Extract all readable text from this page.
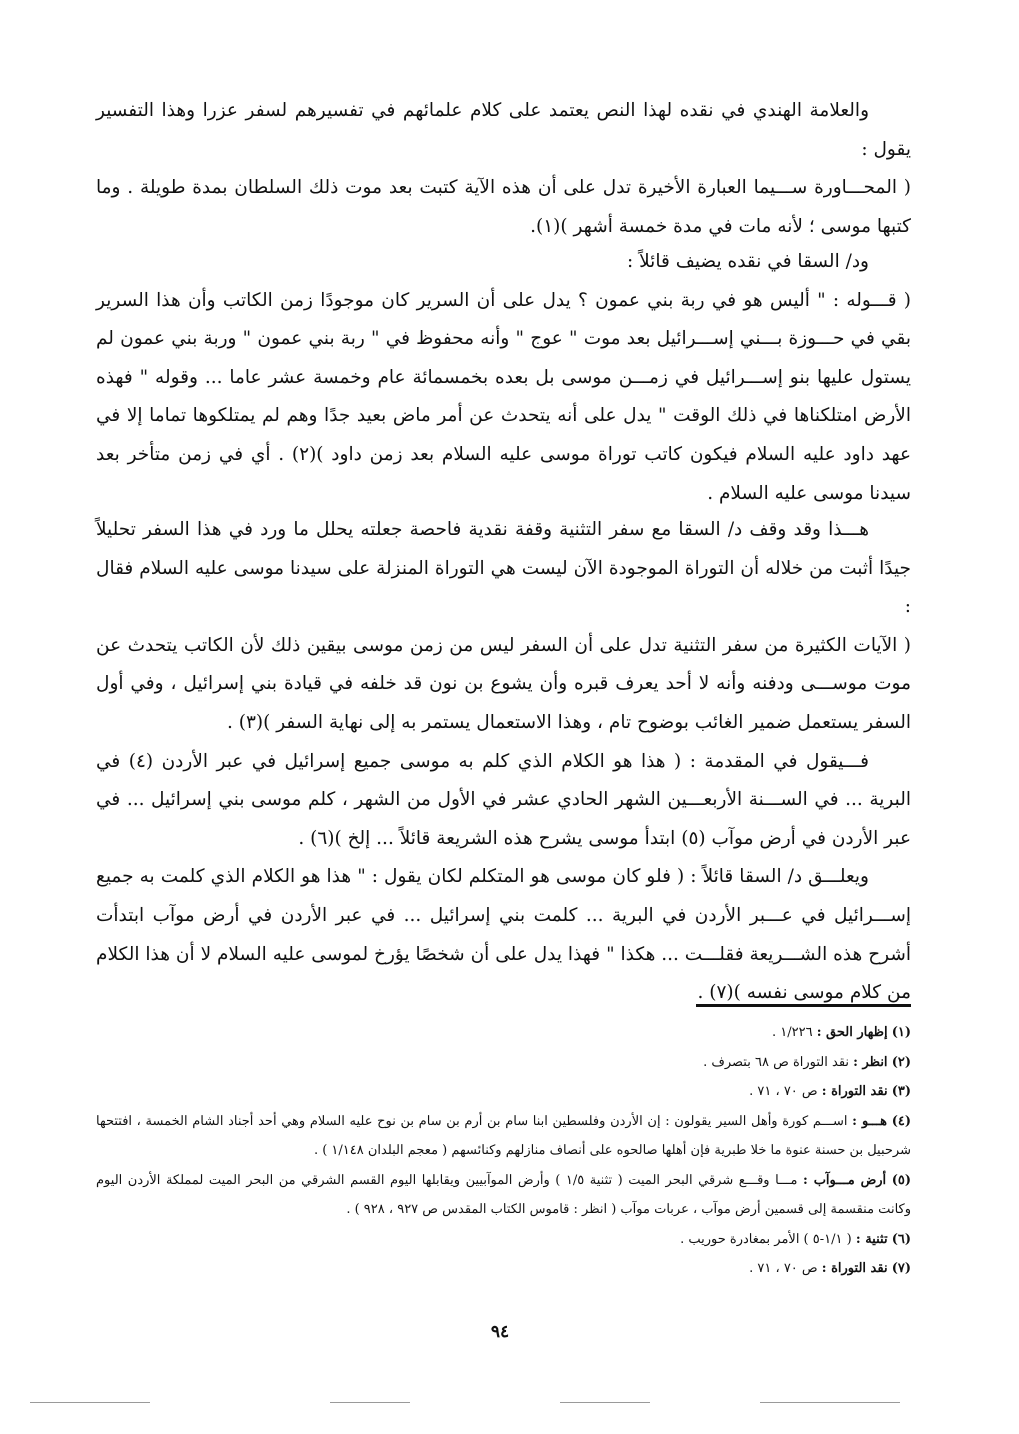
والعلامة الهندي في نقده لهذا النص يعتمد على كلام علمائهم في تفسيرهم لسفر عزرا وهذا التفسير يقول :

( المحـــاورة ســـيما العبارة الأخيرة تدل على أن هذه الآية كتبت بعد موت ذلك السلطان بمدة طويلة . وما كتبها موسى ؛ لأنه مات في مدة خمسة أشهر )(١).

ود/ السقا في نقده يضيف قائلاً :

( قـــوله : " أليس هو في ربة بني عمون ؟ يدل على أن السرير كان موجودًا زمن الكاتب وأن هذا السرير بقي في حـــوزة بـــني إســـرائيل بعد موت " عوج " وأنه محفوظ في " ربة بني عمون " وربة بني عمون لم يستول عليها بنو إســـرائيل في زمـــن موسى بل بعده بخمسمائة عام وخمسة عشر عاما ... وقوله " فهذه الأرض امتلكناها في ذلك الوقت " يدل على أنه يتحدث عن أمر ماض بعيد جدًا وهم لم يمتلكوها تماما إلا في عهد داود عليه السلام فيكون كاتب توراة موسى عليه السلام بعد زمن داود )(٢) . أي في زمن متأخر بعد سيدنا موسى عليه السلام .

هـــذا وقد وقف د/ السقا مع سفر التثنية وقفة نقدية فاحصة جعلته يحلل ما ورد في هذا السفر تحليلاً جيدًا أثبت من خلاله أن التوراة الموجودة الآن ليست هي التوراة المنزلة على سيدنا موسى عليه السلام فقال :

( الآيات الكثيرة من سفر التثنية تدل على أن السفر ليس من زمن موسى بيقين ذلك لأن الكاتب يتحدث عن موت موســـى ودفنه وأنه لا أحد يعرف قبره وأن يشوع بن نون قد خلفه في قيادة بني إسرائيل ، وفي أول السفر يستعمل ضمير الغائب بوضوح تام ، وهذا الاستعمال يستمر به إلى نهاية السفر )(٣) .

فـــيقول في المقدمة : ( هذا هو الكلام الذي كلم به موسى جميع إسرائيل في عبر الأردن (٤) في البرية ... في الســـنة الأربعـــين الشهر الحادي عشر في الأول من الشهر ، كلم موسى بني إسرائيل ... في عبر الأردن في أرض موآب (٥) ابتدأ موسى يشرح هذه الشريعة قائلاً ... إلخ )(٦) .

ويعلـــق د/ السقا قائلاً : ( فلو كان موسى هو المتكلم لكان يقول : " هذا هو الكلام الذي كلمت به جميع إســـرائيل في عـــبر الأردن في البرية ... كلمت بني إسرائيل ... في عبر الأردن في أرض موآب ابتدأت أشرح هذه الشـــريعة فقلـــت ... هكذا " فهذا يدل على أن شخصًا يؤرخ لموسى عليه السلام لا أن هذا الكلام من كلام موسى نفسه )(٧) .

(١) إظهار الحق : ١/٢٢٦ .

(٢) انظر : نقد التوراة ص ٦٨ بتصرف .

(٣) نقد التوراة : ص ٧٠ ، ٧١ .

(٤) هـــو : اســـم كورة وأهل السير يقولون : إن الأردن وفلسطين ابنا سام بن أرم بن سام بن نوح عليه السلام وهي أحد أجناد الشام الخمسة ، افتتحها شرحبيل بن حسنة عنوة ما خلا طبرية فإن أهلها صالحوه على أنصاف منازلهم وكنائسهم ( معجم البلدان ١/١٤٨ ) .

(٥) أرض مـــوآب : مـــا وقـــع شرقي البحر الميت ( تثنية ١/٥ ) وأرض الموآبيين ويقابلها اليوم القسم الشرقي من البحر الميت لمملكة الأردن اليوم وكانت منقسمة إلى قسمين أرض موآب ، عربات موآب ( انظر : قاموس الكتاب المقدس ص ٩٢٧ ، ٩٢٨ ) .

(٦) تثنية : ( ١/١-٥ ) الأمر بمغادرة حوريب .

(٧) نقد التوراة : ص ٧٠ ، ٧١ .

٩٤
